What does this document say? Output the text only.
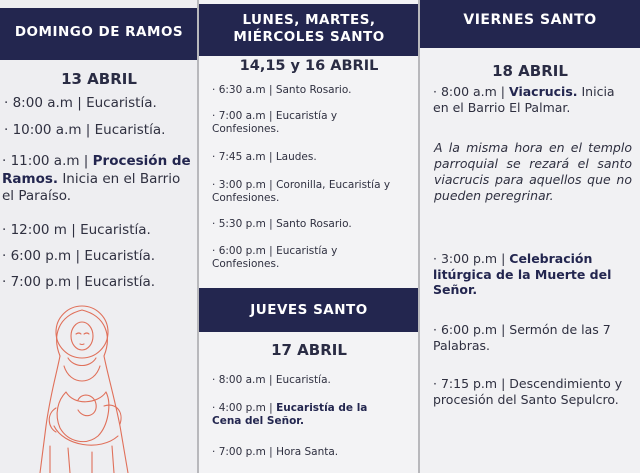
DOMINGO DE RAMOS
13 ABRIL
· 8:00 a.m | Eucaristía.
· 10:00 a.m | Eucaristía.
· 11:00 a.m | Procesión de Ramos. Inicia en el Barrio el Paraíso.
· 12:00 m | Eucaristía.
· 6:00 p.m | Eucaristía.
· 7:00 p.m | Eucaristía.
LUNES, MARTES,
MIÉRCOLES SANTO
14,15 y 16 ABRIL
· 6:30 a.m | Santo Rosario.
· 7:00 a.m | Eucaristía y Confesiones.
· 7:45 a.m | Laudes.
· 3:00 p.m | Coronilla, Eucaristía y Confesiones.
· 5:30 p.m | Santo Rosario.
· 6:00 p.m | Eucaristía y Confesiones.
JUEVES SANTO
17 ABRIL
· 8:00 a.m | Eucaristía.
· 4:00 p.m | Eucaristía de la Cena del Señor.
· 7:00 p.m | Hora Santa.
VIERNES SANTO
18 ABRIL
· 8:00 a.m | Viacrucis. Inicia en el Barrio El Palmar.
A la misma hora en el templo parroquial se rezará el santo viacrucis para aquellos que no pueden peregrinar.
· 3:00 p.m | Celebración litúrgica de la Muerte del Señor.
· 6:00 p.m | Sermón de las 7 Palabras.
· 7:15 p.m | Descendimiento y procesión del Santo Sepulcro.
